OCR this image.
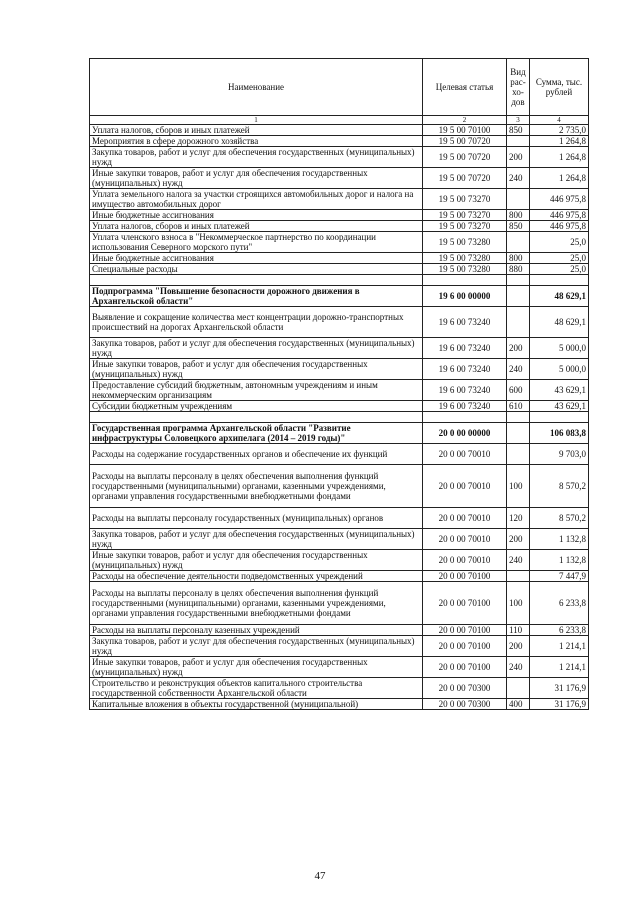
Наименование	Целевая статья	Вид рас- хо- дов	Сумма, тыс. рублей
1	2	3	4
Уплата налогов, сборов и иных платежей	19 5 00 70100	850	2 735,0
Мероприятия в сфере дорожного хозяйства	19 5 00 70720		1 264,8
Закупка товаров, работ и услуг для обеспечения государственных (муниципальных) нужд	19 5 00 70720	200	1 264,8
Иные закупки товаров, работ и услуг для обеспечения государственных (муниципальных) нужд	19 5 00 70720	240	1 264,8
Уплата земельного налога за участки строящихся автомобильных дорог и налога на имущество автомобильных дорог	19 5 00 73270		446 975,8
Иные бюджетные ассигнования	19 5 00 73270	800	446 975,8
Уплата налогов, сборов и иных платежей	19 5 00 73270	850	446 975,8
Уплата членского взноса в "Некоммерческое партнерство по координации использования Северного морского пути"	19 5 00 73280		25,0
Иные бюджетные ассигнования	19 5 00 73280	800	25,0
Специальные расходы	19 5 00 73280	880	25,0

Подпрограмма "Повышение безопасности дорожного движения в Архангельской области"	19 6 00 00000		48 629,1
Выявление и сокращение количества мест концентрации дорожно-транспортных происшествий на дорогах Архангельской области	19 6 00 73240		48 629,1
Закупка товаров, работ и услуг для обеспечения государственных (муниципальных) нужд	19 6 00 73240	200	5 000,0
Иные закупки товаров, работ и услуг для обеспечения государственных (муниципальных) нужд	19 6 00 73240	240	5 000,0
Предоставление субсидий бюджетным, автономным учреждениям и иным некоммерческим организациям	19 6 00 73240	600	43 629,1
Субсидии бюджетным учреждениям	19 6 00 73240	610	43 629,1

Государственная программа Архангельской области "Развитие инфраструктуры Соловецкого архипелага (2014 – 2019 годы)"	20 0 00 00000		106 083,8
Расходы на содержание государственных органов и обеспечение их функций	20 0 00 70010		9 703,0
Расходы на выплаты персоналу в целях обеспечения выполнения функций государственными (муниципальными) органами, казенными учреждениями, органами управления государственными внебюджетными фондами	20 0 00 70010	100	8 570,2
Расходы на выплаты персоналу государственных (муниципальных) органов	20 0 00 70010	120	8 570,2
Закупка товаров, работ и услуг для обеспечения государственных (муниципальных) нужд	20 0 00 70010	200	1 132,8
Иные закупки товаров, работ и услуг для обеспечения государственных (муниципальных) нужд	20 0 00 70010	240	1 132,8
Расходы на обеспечение деятельности подведомственных учреждений	20 0 00 70100		7 447,9
Расходы на выплаты персоналу в целях обеспечения выполнения функций государственными (муниципальными) органами, казенными учреждениями, органами управления государственными внебюджетными фондами	20 0 00 70100	100	6 233,8
Расходы на выплаты персоналу казенных учреждений	20 0 00 70100	110	6 233,8
Закупка товаров, работ и услуг для обеспечения государственных (муниципальных) нужд	20 0 00 70100	200	1 214,1
Иные закупки товаров, работ и услуг для обеспечения государственных (муниципальных) нужд	20 0 00 70100	240	1 214,1
Строительство и реконструкция объектов капитального строительства государственной собственности Архангельской области	20 0 00 70300		31 176,9
Капитальные вложения в объекты государственной (муниципальной)	20 0 00 70300	400	31 176,9
47
